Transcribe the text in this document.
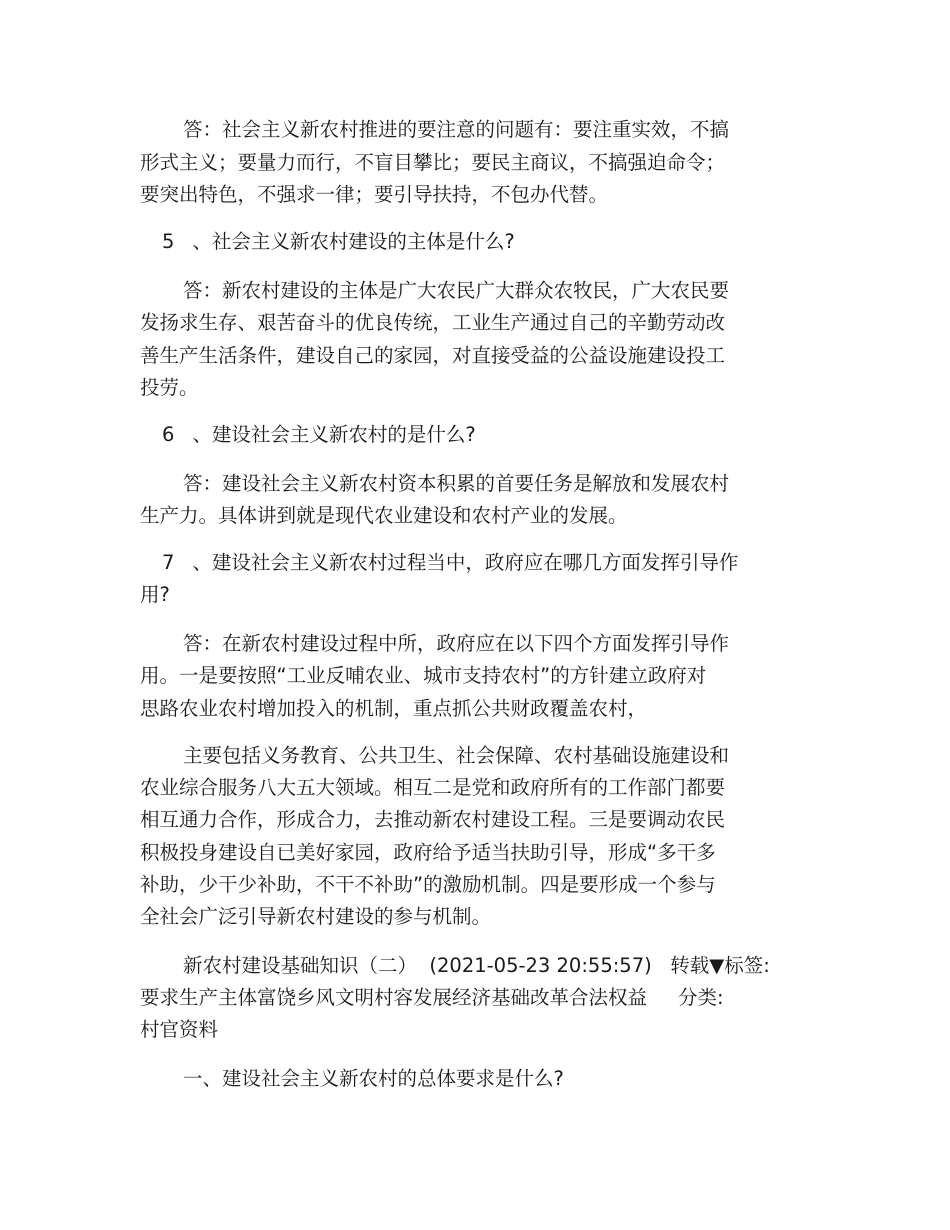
答：社会主义新农村推进的要注意的问题有：要注重实效，不搞
形式主义；要量力而行，不盲目攀比；要民主商议，不搞强迫命令；
要突出特色，不强求一律；要引导扶持，不包办代替。
5 、社会主义新农村建设的主体是什么?
答：新农村建设的主体是广大农民广大群众农牧民，广大农民要
发扬求生存、艰苦奋斗的优良传统，工业生产通过自己的辛勤劳动改
善生产生活条件，建设自己的家园，对直接受益的公益设施建设投工
投劳。
6 、建设社会主义新农村的是什么?
答：建设社会主义新农村资本积累的首要任务是解放和发展农村
生产力。具体讲到就是现代农业建设和农村产业的发展。
7 、建设社会主义新农村过程当中，政府应在哪几方面发挥引导作
用?
答：在新农村建设过程中所，政府应在以下四个方面发挥引导作
用。一是要按照“工业反哺农业、城市支持农村”的方针建立政府对
思路农业农村增加投入的机制，重点抓公共财政覆盖农村，
主要包括义务教育、公共卫生、社会保障、农村基础设施建设和
农业综合服务八大五大领域。相互二是党和政府所有的工作部门都要
相互通力合作，形成合力，去推动新农村建设工程。三是要调动农民
积极投身建设自已美好家园，政府给予适当扶助引导，形成“多干多
补助，少干少补助，不干不补助”的激励机制。四是要形成一个参与
全社会广泛引导新农村建设的参与机制。
新农村建设基础知识（二）  (2021-05-23 20:55:57)   转载▼标签:
要求生产主体富饶乡风文明村容发展经济基础改革合法权益     分类:
村官资料
一、建设社会主义新农村的总体要求是什么?
